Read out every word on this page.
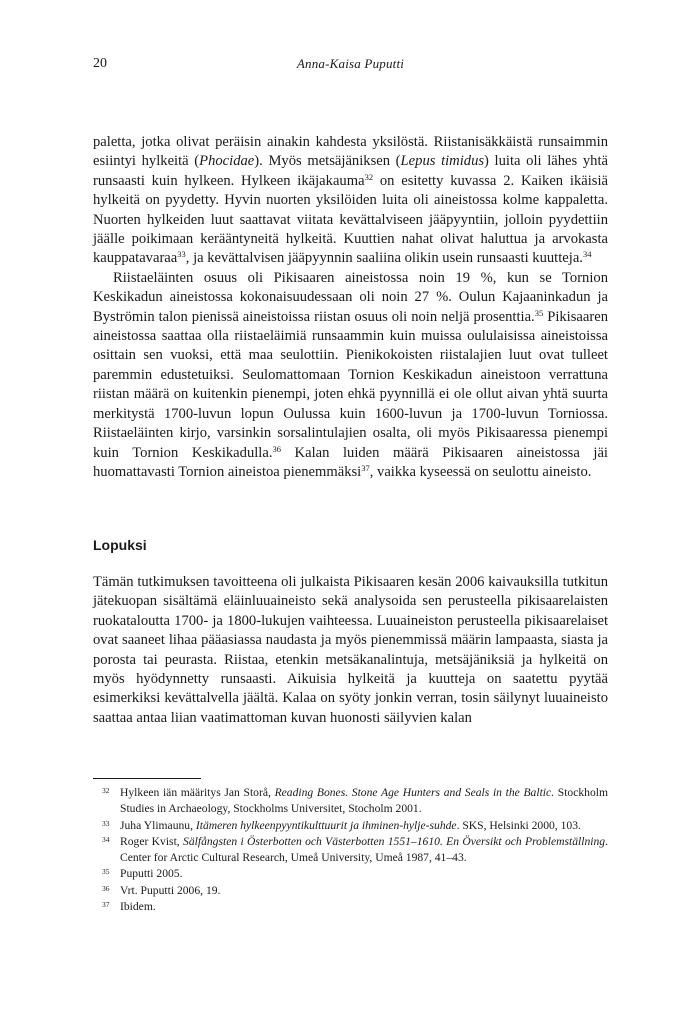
20	Anna-Kaisa Puputti

paletta, jotka olivat peräisin ainakin kahdesta yksilöstä. Riistanisäkkäistä runsaimmin esiintyi hylkeitä (Phocidae). Myös metsäjäniksen (Lepus timidus) luita oli lähes yhtä runsaasti kuin hylkeen. Hylkeen ikäjakauma$^{32}$ on esitetty kuvassa 2. Kaiken ikäisiä hylkeitä on pyydetty. Hyvin nuorten yksilöiden luita oli aineistossa kolme kappaletta. Nuorten hylkeiden luut saattavat viitata kevättalviseen jääpyyntiin, jolloin pyydettiin jäälle poikimaan kerääntyneitä hylkeitä. Kuuttien nahat olivat haluttua ja arvokasta kauppatavaraa$^{33}$, ja kevättalvisen jääpyynnin saaliina olikin usein runsaasti kuutteja.$^{34}$

Riistaeläinten osuus oli Pikisaaren aineistossa noin 19 %, kun se Tornion Keskikadun aineistossa kokonaisuudessaan oli noin 27 %. Oulun Kajaaninkadun ja Byströmin talon pienissä aineistoissa riistan osuus oli noin neljä prosenttia.$^{35}$ Pikisaaren aineistossa saattaa olla riistaeläimiä runsaammin kuin muissa oululaisissa aineistoissa osittain sen vuoksi, että maa seulottiin. Pienikokoisten riistalajien luut ovat tulleet paremmin edustetuiksi. Seulomattomaan Tornion Keskikadun aineistoon verrattuna riistan määrä on kuitenkin pienempi, joten ehkä pyynnillä ei ole ollut aivan yhtä suurta merkitystä 1700-luvun lopun Oulussa kuin 1600-luvun ja 1700-luvun Torniossa. Riistaeläinten kirjo, varsinkin sorsalintulajien osalta, oli myös Pikisaaressa pienempi kuin Tornion Keskikadulla.$^{36}$ Kalan luiden määrä Pikisaaren aineistossa jäi huomattavasti Tornion aineistoa pienemmäksi$^{37}$, vaikka kyseessä on seulottu aineisto.

Lopuksi

Tämän tutkimuksen tavoitteena oli julkaista Pikisaaren kesän 2006 kaivauksilla tutkitun jätekuopan sisältämä eläinluuaineisto sekä analysoida sen perusteella pikisaarelaisten ruokataloutta 1700- ja 1800-lukujen vaihteessa. Luuaineiston perusteella pikisaarelaiset ovat saaneet lihaa pääasiassa naudasta ja myös pienemmissä määrin lampaasta, siasta ja porosta tai peurasta. Riistaa, etenkin metsäkanalintuja, metsäjäniksiä ja hylkeitä on myös hyödynnetty runsaasti. Aikuisia hylkeitä ja kuutteja on saatettu pyytää esimerkiksi kevättalvella jäältä. Kalaa on syöty jonkin verran, tosin säilynyt luuaineisto saattaa antaa liian vaatimattoman kuvan huonosti säilyvien kalan

32 Hylkeen iän määritys Jan Storå, Reading Bones. Stone Age Hunters and Seals in the Baltic. Stockholm Studies in Archaeology, Stockholms Universitet, Stocholm 2001.
33 Juha Ylimaunu, Itämeren hylkeenpyyntikulttuurit ja ihminen-hylje-suhde. SKS, Helsinki 2000, 103.
34 Roger Kvist, Sälfångsten i Österbotten och Västerbotten 1551–1610. En Översikt och Problemställning. Center for Arctic Cultural Research, Umeå University, Umeå 1987, 41–43.
35 Puputti 2005.
36 Vrt. Puputti 2006, 19.
37 Ibidem.
